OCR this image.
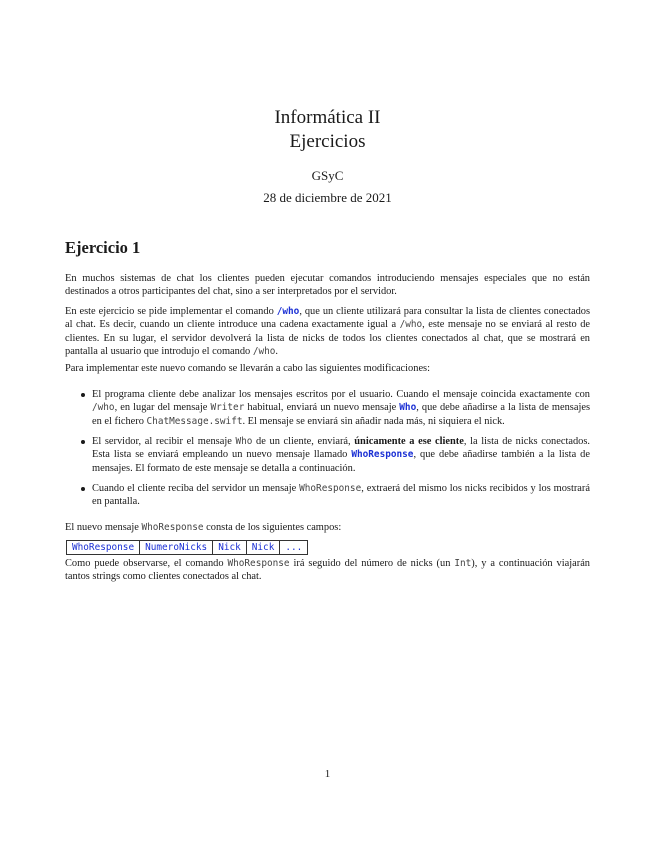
Informática II
Ejercicios
GSyC
28 de diciembre de 2021
Ejercicio 1
En muchos sistemas de chat los clientes pueden ejecutar comandos introduciendo mensajes especiales que no están destinados a otros participantes del chat, sino a ser interpretados por el servidor.
En este ejercicio se pide implementar el comando /who, que un cliente utilizará para consultar la lista de clientes conectados al chat. Es decir, cuando un cliente introduce una cadena exactamente igual a /who, este mensaje no se enviará al resto de clientes. En su lugar, el servidor devolverá la lista de nicks de todos los clientes conectados al chat, que se mostrará en pantalla al usuario que introdujo el comando /who.
Para implementar este nuevo comando se llevarán a cabo las siguientes modificaciones:
El programa cliente debe analizar los mensajes escritos por el usuario. Cuando el mensaje coincida exactamente con /who, en lugar del mensaje Writer habitual, enviará un nuevo mensaje Who, que debe añadirse a la lista de mensajes en el fichero ChatMessage.swift. El mensaje se enviará sin añadir nada más, ni siquiera el nick.
El servidor, al recibir el mensaje Who de un cliente, enviará, únicamente a ese cliente, la lista de nicks conectados. Esta lista se enviará empleando un nuevo mensaje llamado WhoResponse, que debe añadirse también a la lista de mensajes. El formato de este mensaje se detalla a continuación.
Cuando el cliente reciba del servidor un mensaje WhoResponse, extraerá del mismo los nicks recibidos y los mostrará en pantalla.
El nuevo mensaje WhoResponse consta de los siguientes campos:
WhoResponse	NumeroNicks	Nick	Nick	...
Como puede observarse, el comando WhoResponse irá seguido del número de nicks (un Int), y a continuación viajarán tantos strings como clientes conectados al chat.
1
